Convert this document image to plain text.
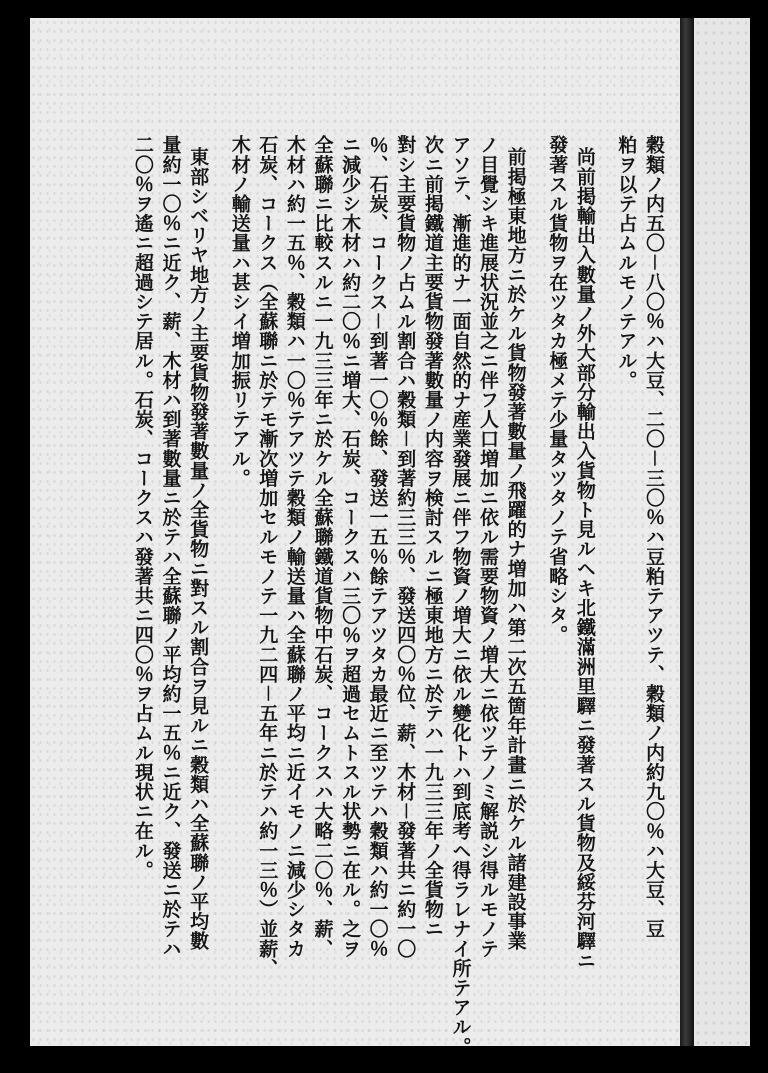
穀類ノ内五〇－八〇％ハ大豆、二〇－三〇％ハ豆粕テアツテ、穀類ノ内約九〇％ハ大豆、豆
粕ヲ以テ占ムルモノテアル。
尚前掲輸出入數量ノ外大部分輸出入貨物ト見ルヘキ北鐵滿洲里驛ニ發著スル貨物及綏芬河驛ニ
發著スル貨物ヲ在ツタカ極メテ少量タツタノテ省略シタ。
前掲極東地方ニ於ケル貨物發著數量ノ飛躍的ナ増加ハ第二次五箇年計畫ニ於ケル諸建設事業
ノ目覺シキ進展状況並之ニ伴フ人口増加ニ依ル需要物資ノ増大ニ依ツテノミ解説シ得ルモノテ
アソテ、漸進的ナ一面自然的ナ産業發展ニ伴フ物資ノ増大ニ依ル變化トハ到底考ヘ得ラレナイ所テアル。
次ニ前掲鐵道主要貨物發著數量ノ内容ヲ検討スルニ極東地方ニ於テハ一九三三年ノ全貨物ニ
對シ主要貨物ノ占ムル割合ハ穀類－到著約三三％、發送四〇％位、薪、木材－發著共ニ約一〇
％、石炭、コークス－到著一〇％餘、發送一五％餘テアツタカ最近ニ至ツテハ穀類ハ約一〇％
ニ減少シ木材ハ約二〇％ニ増大、石炭、コークスハ三〇％ヲ超過セムトスル状勢ニ在ル。之ヲ
全蘇聯ニ比較スルニ一九三三年ニ於ケル全蘇聯鐵道貨物中石炭、コークスハ大略二〇％、薪、
木材ハ約一五％、穀類ハ一〇％テアツテ穀類ノ輸送量ハ全蘇聯ノ平均ニ近イモノニ減少シタカ
石炭、コークス（全蘇聯ニ於テモ漸次増加セルモノテ一九二四－五年ニ於テハ約一三％）並薪、
木材ノ輸送量ハ甚シイ増加振リテアル。
東部シベリヤ地方ノ主要貨物發著數量ノ全貨物ニ對スル割合ヲ見ルニ穀類ハ全蘇聯ノ平均數
量約一〇％ニ近ク、薪、木材ハ到著數量ニ於テハ全蘇聯ノ平均約一五％ニ近ク、發送ニ於テハ
二〇％ヲ遙ニ超過シテ居ル。石炭、コークスハ發著共ニ四〇％ヲ占ムル現状ニ在ル。
